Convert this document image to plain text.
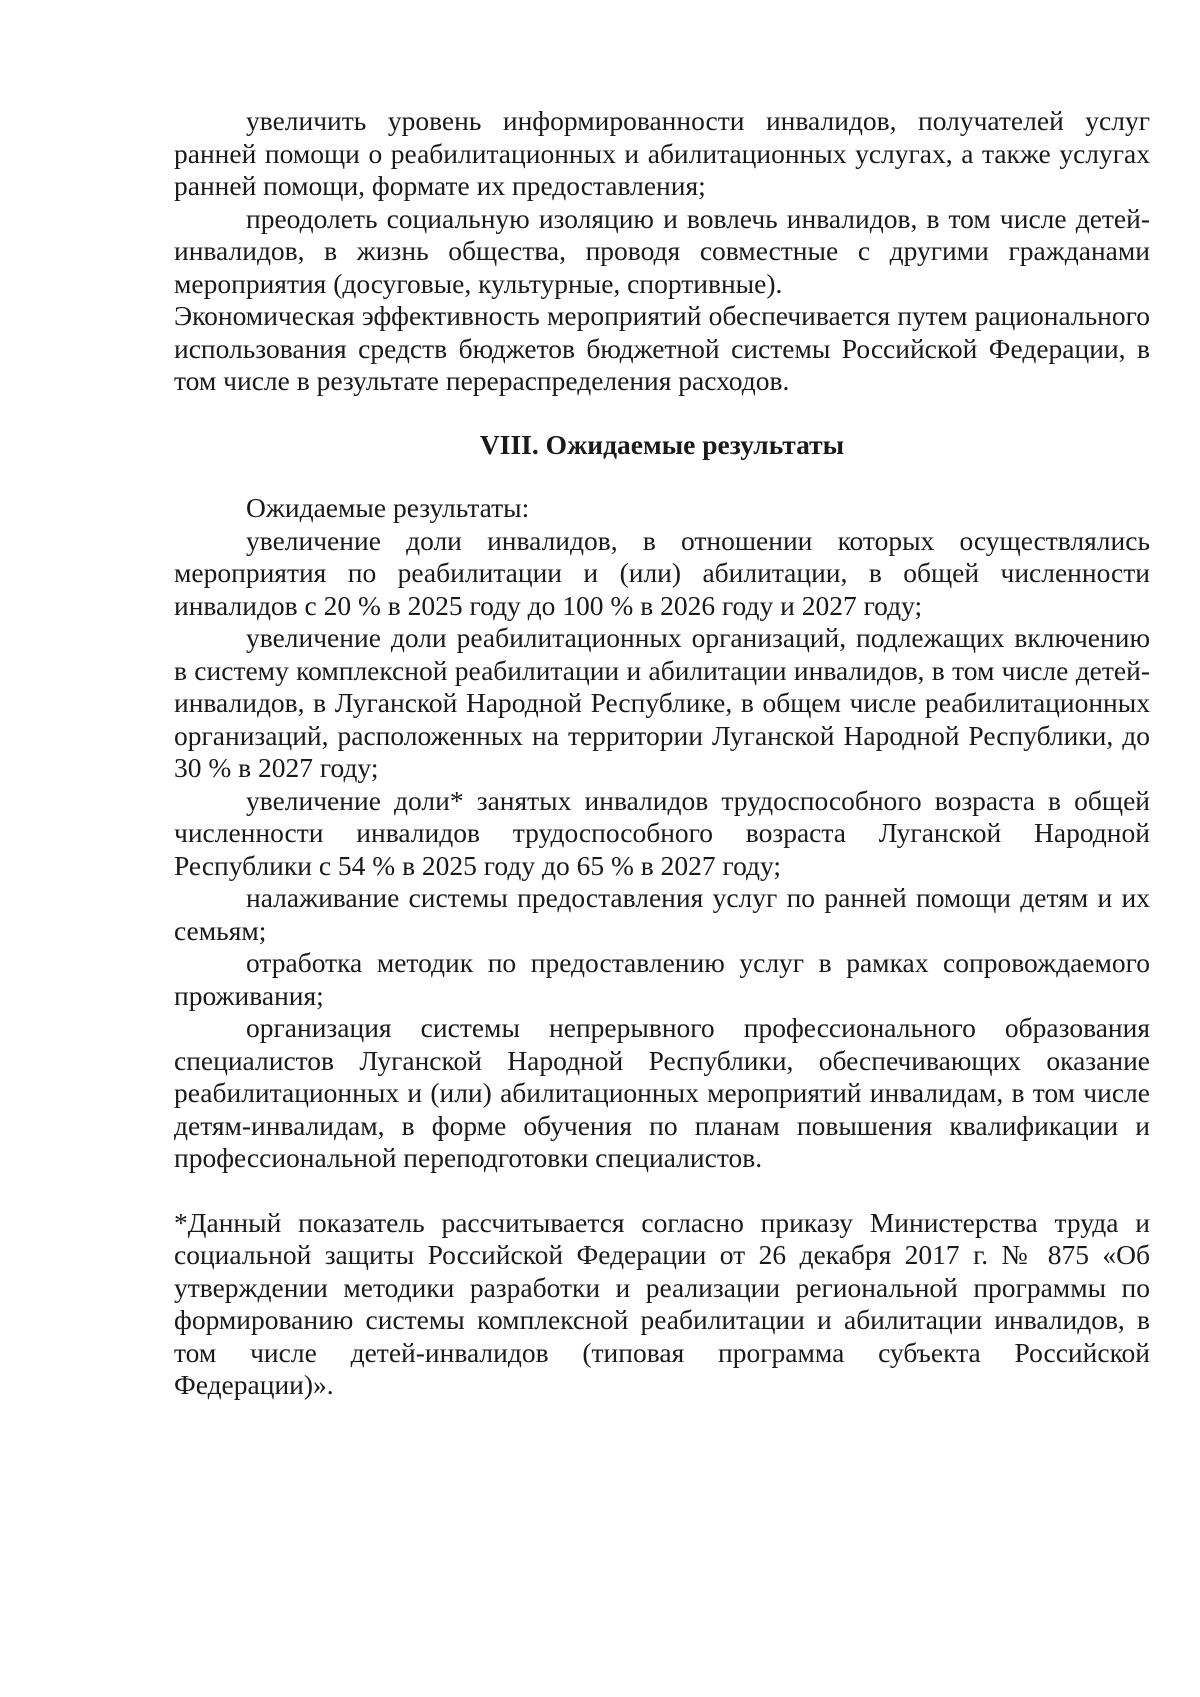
увеличить уровень информированности инвалидов, получателей услуг ранней помощи о реабилитационных и абилитационных услугах, а также услугах ранней помощи, формате их предоставления;

преодолеть социальную изоляцию и вовлечь инвалидов, в том числе детей-инвалидов, в жизнь общества, проводя совместные с другими гражданами мероприятия (досуговые, культурные, спортивные).

Экономическая эффективность мероприятий обеспечивается путем рационального использования средств бюджетов бюджетной системы Российской Федерации, в том числе в результате перераспределения расходов.

VIII. Ожидаемые результаты

Ожидаемые результаты:

увеличение доли инвалидов, в отношении которых осуществлялись мероприятия по реабилитации и (или) абилитации, в общей численности инвалидов с 20 % в 2025 году до 100 % в 2026 году и 2027 году;

увеличение доли реабилитационных организаций, подлежащих включению в систему комплексной реабилитации и абилитации инвалидов, в том числе детей-инвалидов, в Луганской Народной Республике, в общем числе реабилитационных организаций, расположенных на территории Луганской Народной Республики, до 30 % в 2027 году;

увеличение доли* занятых инвалидов трудоспособного возраста в общей численности инвалидов трудоспособного возраста Луганской Народной Республики с 54 % в 2025 году до 65 % в 2027 году;

налаживание системы предоставления услуг по ранней помощи детям и их семьям;

отработка методик по предоставлению услуг в рамках сопровождаемого проживания;

организация системы непрерывного профессионального образования специалистов Луганской Народной Республики, обеспечивающих оказание реабилитационных и (или) абилитационных мероприятий инвалидам, в том числе детям-инвалидам, в форме обучения по планам повышения квалификации и профессиональной переподготовки специалистов.

*Данный показатель рассчитывается согласно приказу Министерства труда и социальной защиты Российской Федерации от 26 декабря 2017 г. № 875 «Об утверждении методики разработки и реализации региональной программы по формированию системы комплексной реабилитации и абилитации инвалидов, в том числе детей-инвалидов (типовая программа субъекта Российской Федерации)».
